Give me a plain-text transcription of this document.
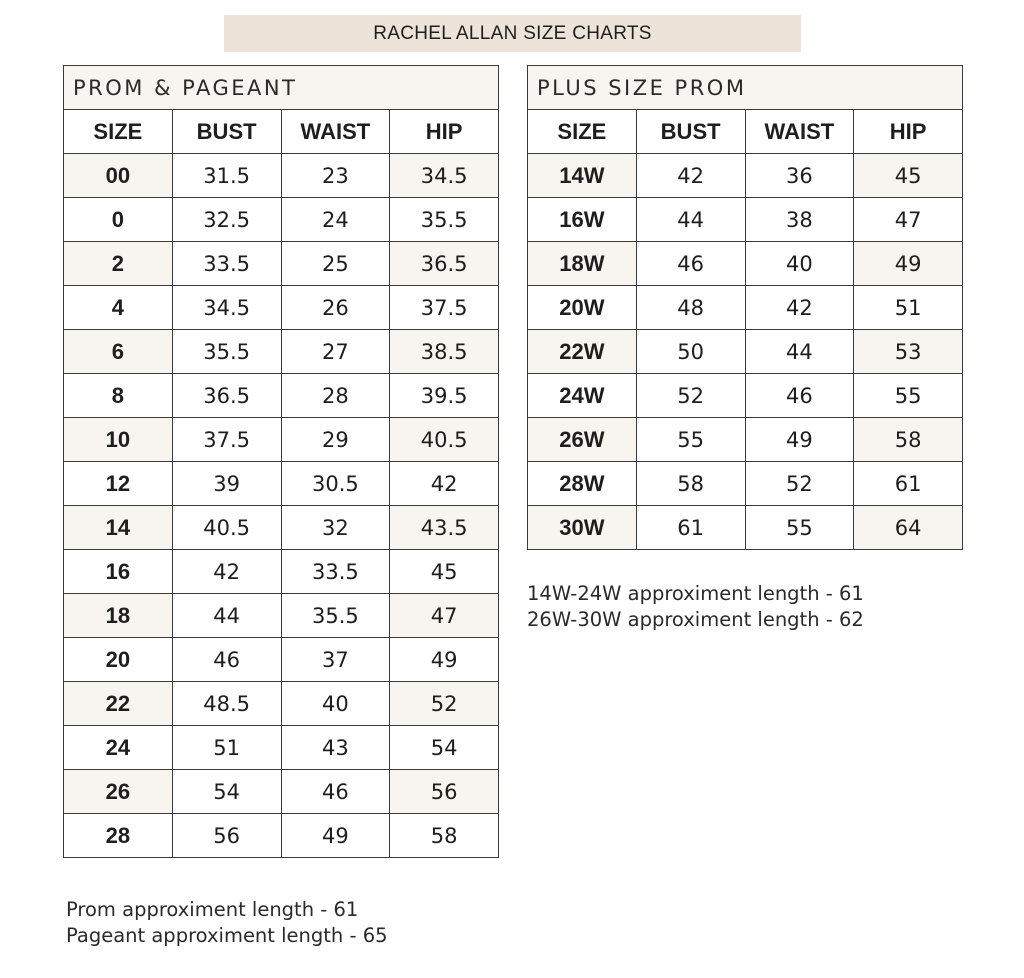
RACHEL ALLAN SIZE CHARTS
PROM & PAGEANT			
SIZE	BUST	WAIST	HIP
00	31.5	23	34.5
0	32.5	24	35.5
2	33.5	25	36.5
4	34.5	26	37.5
6	35.5	27	38.5
8	36.5	28	39.5
10	37.5	29	40.5
12	39	30.5	42
14	40.5	32	43.5
16	42	33.5	45
18	44	35.5	47
20	46	37	49
22	48.5	40	52
24	51	43	54
26	54	46	56
28	56	49	58
PLUS SIZE PROM			
SIZE	BUST	WAIST	HIP
14W	42	36	45
16W	44	38	47
18W	46	40	49
20W	48	42	51
22W	50	44	53
24W	52	46	55
26W	55	49	58
28W	58	52	61
30W	61	55	64
14W-24W approximent length - 61
26W-30W approximent length - 62
Prom approximent length - 61
Pageant approximent length - 65
